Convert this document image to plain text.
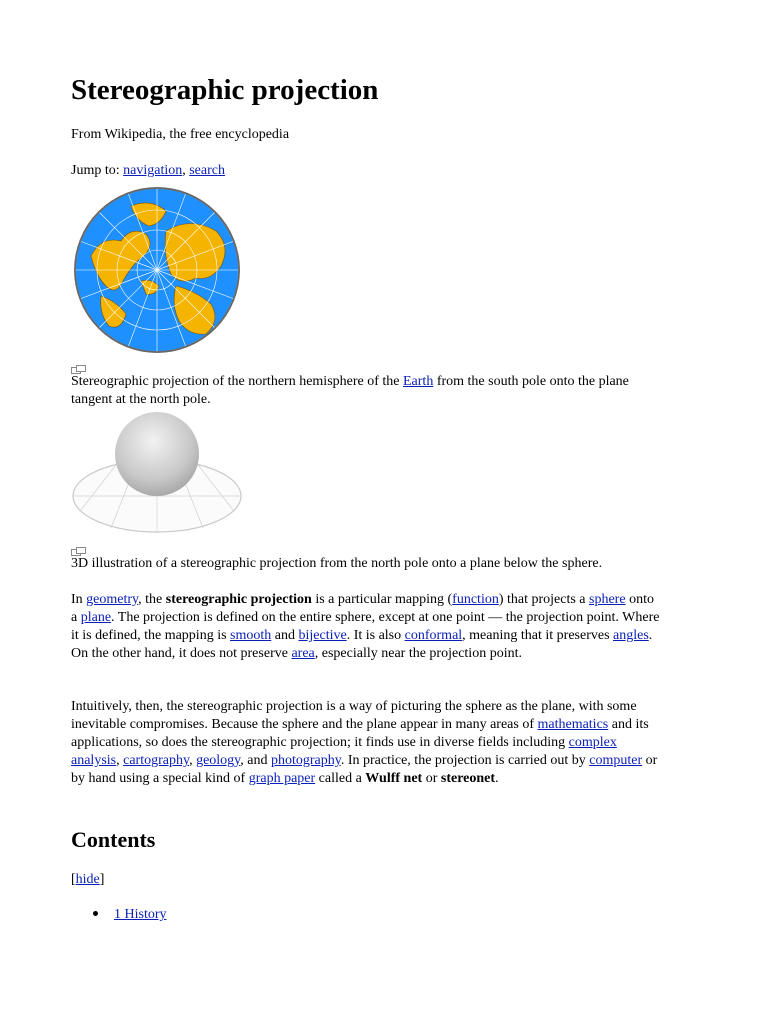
Stereographic projection

From Wikipedia, the free encyclopedia

Jump to: navigation, search

Stereographic projection of the northern hemisphere of the Earth from the south pole onto the plane tangent at the north pole.

3D illustration of a stereographic projection from the north pole onto a plane below the sphere.

In geometry, the stereographic projection is a particular mapping (function) that projects a sphere onto a plane. The projection is defined on the entire sphere, except at one point — the projection point. Where it is defined, the mapping is smooth and bijective. It is also conformal, meaning that it preserves angles. On the other hand, it does not preserve area, especially near the projection point.

Intuitively, then, the stereographic projection is a way of picturing the sphere as the plane, with some inevitable compromises. Because the sphere and the plane appear in many areas of mathematics and its applications, so does the stereographic projection; it finds use in diverse fields including complex analysis, cartography, geology, and photography. In practice, the projection is carried out by computer or by hand using a special kind of graph paper called a Wulff net or stereonet.

Contents

[hide]

1 History
